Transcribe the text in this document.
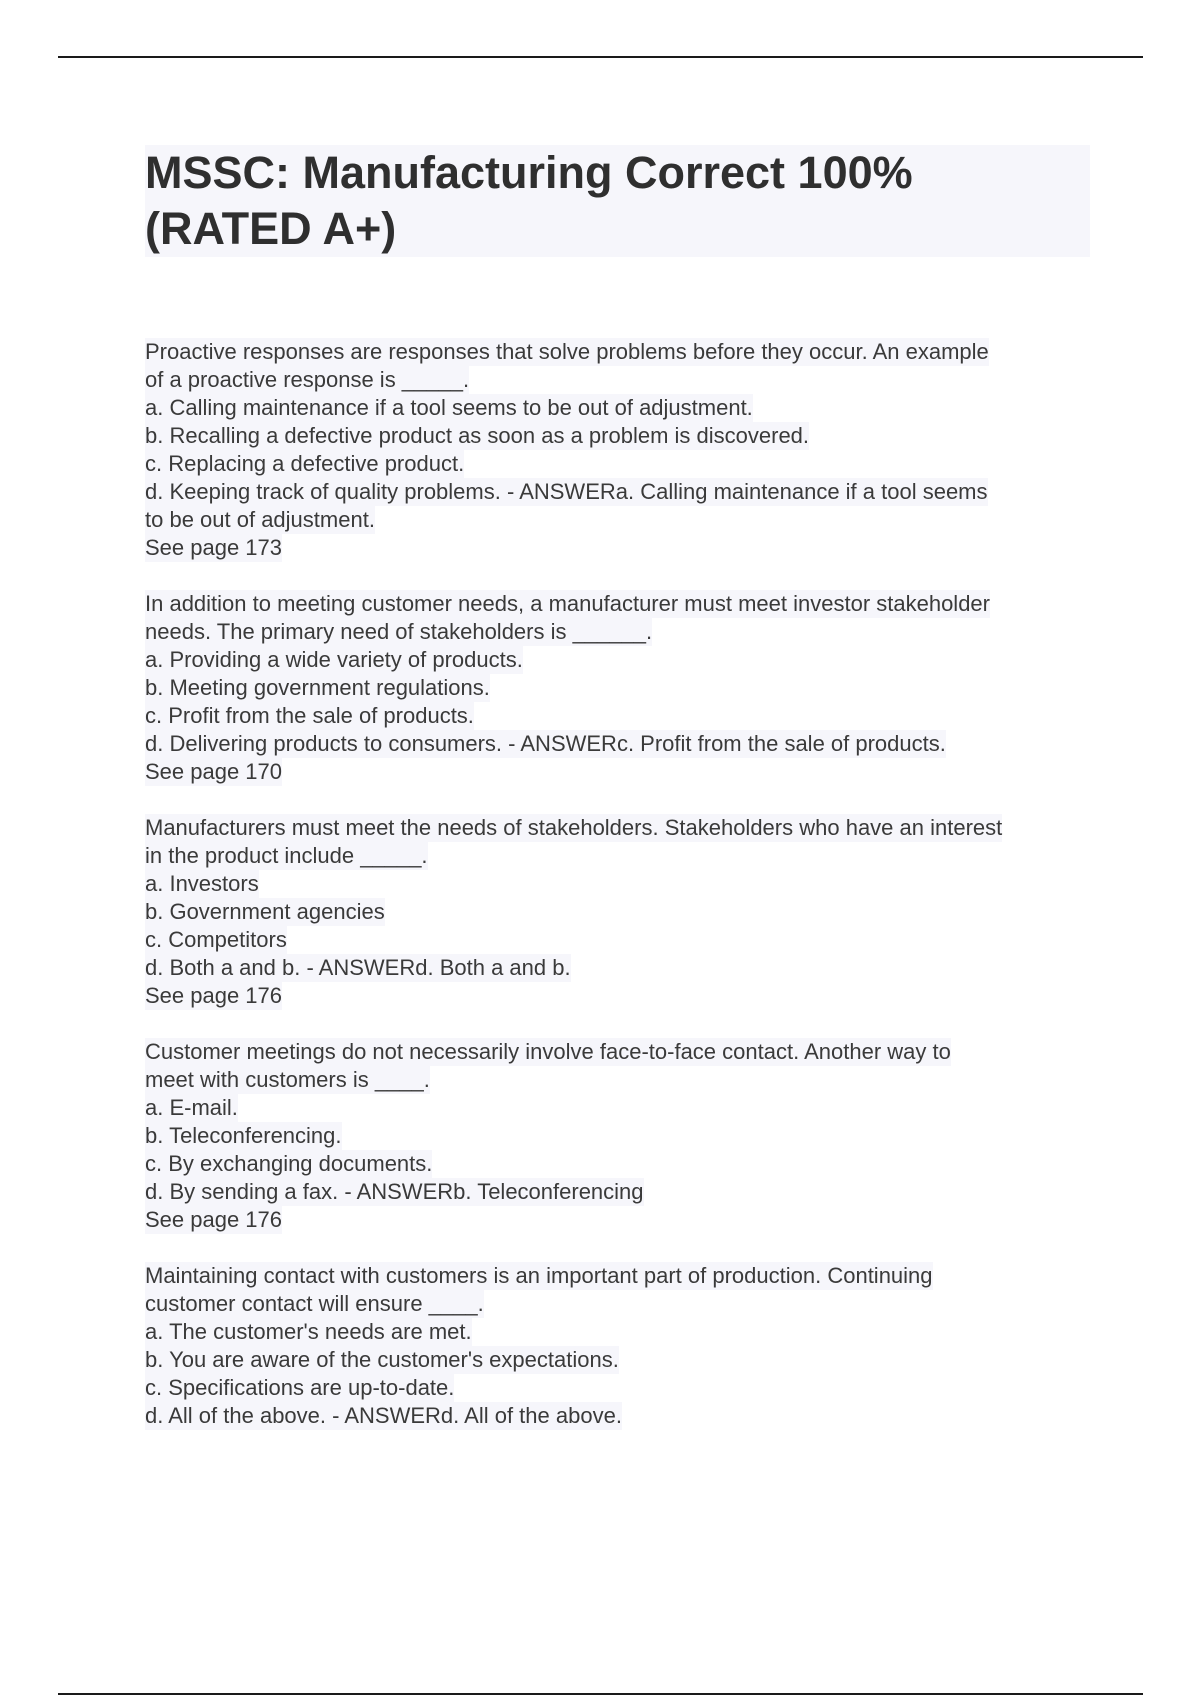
MSSC: Manufacturing Correct 100%
(RATED A+)
Proactive responses are responses that solve problems before they occur. An example
of a proactive response is _____.
a. Calling maintenance if a tool seems to be out of adjustment.
b. Recalling a defective product as soon as a problem is discovered.
c. Replacing a defective product.
d. Keeping track of quality problems. - ANSWERa. Calling maintenance if a tool seems
to be out of adjustment.
See page 173
In addition to meeting customer needs, a manufacturer must meet investor stakeholder
needs. The primary need of stakeholders is ______.
a. Providing a wide variety of products.
b. Meeting government regulations.
c. Profit from the sale of products.
d. Delivering products to consumers. - ANSWERc. Profit from the sale of products.
See page 170
Manufacturers must meet the needs of stakeholders. Stakeholders who have an interest
in the product include _____.
a. Investors
b. Government agencies
c. Competitors
d. Both a and b. - ANSWERd. Both a and b.
See page 176
Customer meetings do not necessarily involve face-to-face contact. Another way to
meet with customers is ____.
a. E-mail.
b. Teleconferencing.
c. By exchanging documents.
d. By sending a fax. - ANSWERb. Teleconferencing
See page 176
Maintaining contact with customers is an important part of production. Continuing
customer contact will ensure ____.
a. The customer's needs are met.
b. You are aware of the customer's expectations.
c. Specifications are up-to-date.
d. All of the above. - ANSWERd. All of the above.
